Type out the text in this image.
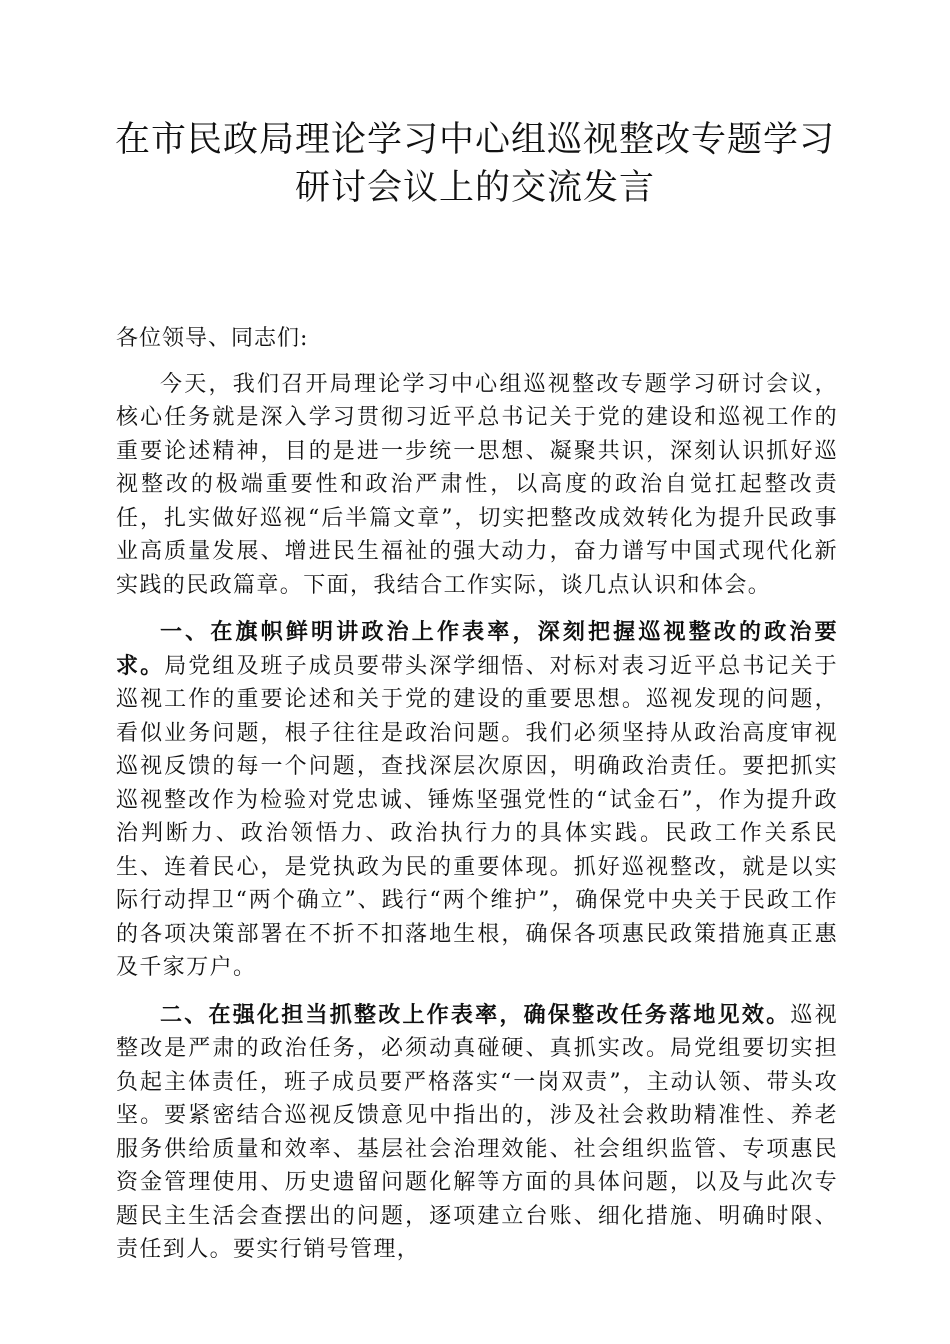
在市民政局理论学习中心组巡视整改专题学习
研讨会议上的交流发言

各位领导、同志们:

今天，我们召开局理论学习中心组巡视整改专题学习研讨会议，核心任务就是深入学习贯彻习近平总书记关于党的建设和巡视工作的重要论述精神，目的是进一步统一思想、凝聚共识，深刻认识抓好巡视整改的极端重要性和政治严肃性，以高度的政治自觉扛起整改责任，扎实做好巡视“后半篇文章”，切实把整改成效转化为提升民政事业高质量发展、增进民生福祉的强大动力，奋力谱写中国式现代化新实践的民政篇章。下面，我结合工作实际，谈几点认识和体会。

一、在旗帜鲜明讲政治上作表率，深刻把握巡视整改的政治要求。局党组及班子成员要带头深学细悟、对标对表习近平总书记关于巡视工作的重要论述和关于党的建设的重要思想。巡视发现的问题，看似业务问题，根子往往是政治问题。我们必须坚持从政治高度审视巡视反馈的每一个问题，查找深层次原因，明确政治责任。要把抓实巡视整改作为检验对党忠诚、锤炼坚强党性的“试金石”，作为提升政治判断力、政治领悟力、政治执行力的具体实践。民政工作关系民生、连着民心，是党执政为民的重要体现。抓好巡视整改，就是以实际行动捍卫“两个确立”、践行“两个维护”，确保党中央关于民政工作的各项决策部署在不折不扣落地生根，确保各项惠民政策措施真正惠及千家万户。

二、在强化担当抓整改上作表率，确保整改任务落地见效。巡视整改是严肃的政治任务，必须动真碰硬、真抓实改。局党组要切实担负起主体责任，班子成员要严格落实“一岗双责”，主动认领、带头攻坚。要紧密结合巡视反馈意见中指出的，涉及社会救助精准性、养老服务供给质量和效率、基层社会治理效能、社会组织监管、专项惠民资金管理使用、历史遗留问题化解等方面的具体问题，以及与此次专题民主生活会查摆出的问题，逐项建立台账、细化措施、明确时限、责任到人。要实行销号管理，
